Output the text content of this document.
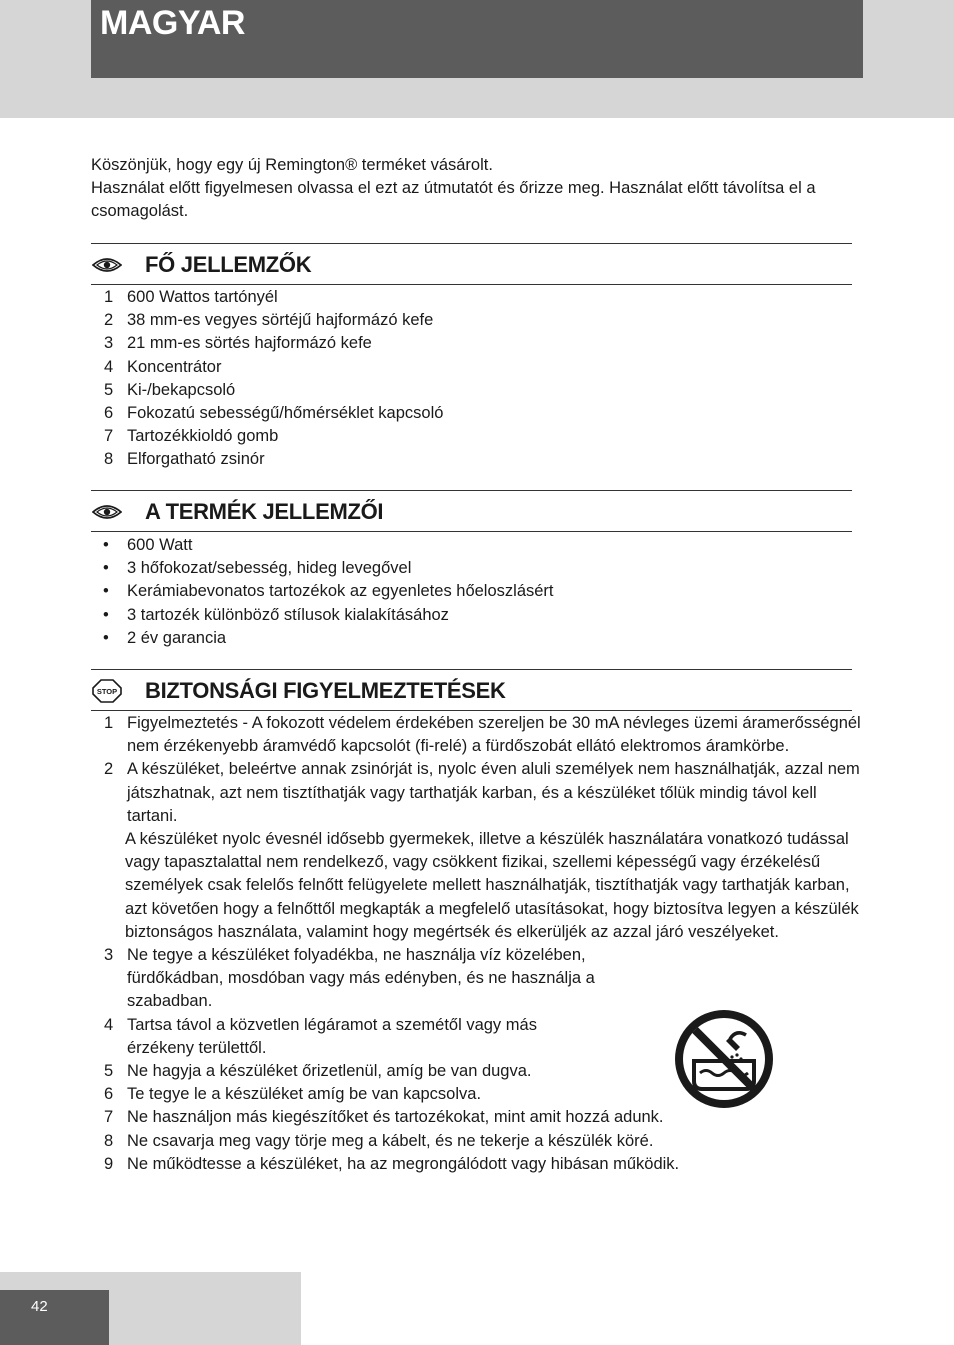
MAGYAR

Köszönjük, hogy egy új Remington® terméket vásárolt.

Használat előtt figyelmesen olvassa el ezt az útmutatót és őrizze meg. Használat előtt távolítsa el a csomagolást.

FŐ JELLEMZŐK
1 600 Wattos tartónyél
2 38 mm-es vegyes sörtéjű hajformázó kefe
3 21 mm-es sörtés hajformázó kefe
4 Koncentrátor
5 Ki-/bekapcsoló
6 Fokozatú sebességű/hőmérséklet kapcsoló
7 Tartozékkioldó gomb
8 Elforgatható zsinór
A TERMÉK JELLEMZŐI
• 600 Watt
• 3 hőfokozat/sebesség, hideg levegővel
• Kerámiabevonatos tartozékok az egyenletes hőeloszlásért
• 3 tartozék különböző stílusok kialakításához
• 2 év garancia
STOP BIZTONSÁGI FIGYELMEZTETÉSEK
1 Figyelmeztetés - A fokozott védelem érdekében szereljen be 30 mA névleges üzemi áramerősségnél nem érzékenyebb áramvédő kapcsolót (fi-relé) a fürdőszobát ellátó elektromos áramkörbe.
2 A készüléket, beleértve annak zsinórját is, nyolc éven aluli személyek nem használhatják, azzal nem játszhatnak, azt nem tisztíthatják vagy tarthatják karban, és a készüléket tőlük mindig távol kell tartani.
A készüléket nyolc évesnél idősebb gyermekek, illetve a készülék használatára vonatkozó tudással vagy tapasztalattal nem rendelkező, vagy csökkent fizikai, szellemi képességű vagy érzékelésű személyek csak felelős felnőtt felügyelete mellett használhatják, tisztíthatják vagy tarthatják karban, azt követően hogy a felnőttől megkapták a megfelelő utasításokat, hogy biztosítva legyen a készülék biztonságos használata, valamint hogy megértsék és elkerüljék az azzal járó veszélyeket.
3 Ne tegye a készüléket folyadékba, ne használja víz közelében, fürdőkádban, mosdóban vagy más edényben, és ne használja a szabadban.
4 Tartsa távol a közvetlen légáramot a szemétől vagy más érzékeny területtől.
5 Ne hagyja a készüléket őrizetlenül, amíg be van dugva.
6 Te tegye le a készüléket amíg be van kapcsolva.
7 Ne használjon más kiegészítőket és tartozékokat, mint amit hozzá adunk.
8 Ne csavarja meg vagy törje meg a kábelt, és ne tekerje a készülék köré.
9 Ne működtesse a készüléket, ha az megrongálódott vagy hibásan működik.
42
